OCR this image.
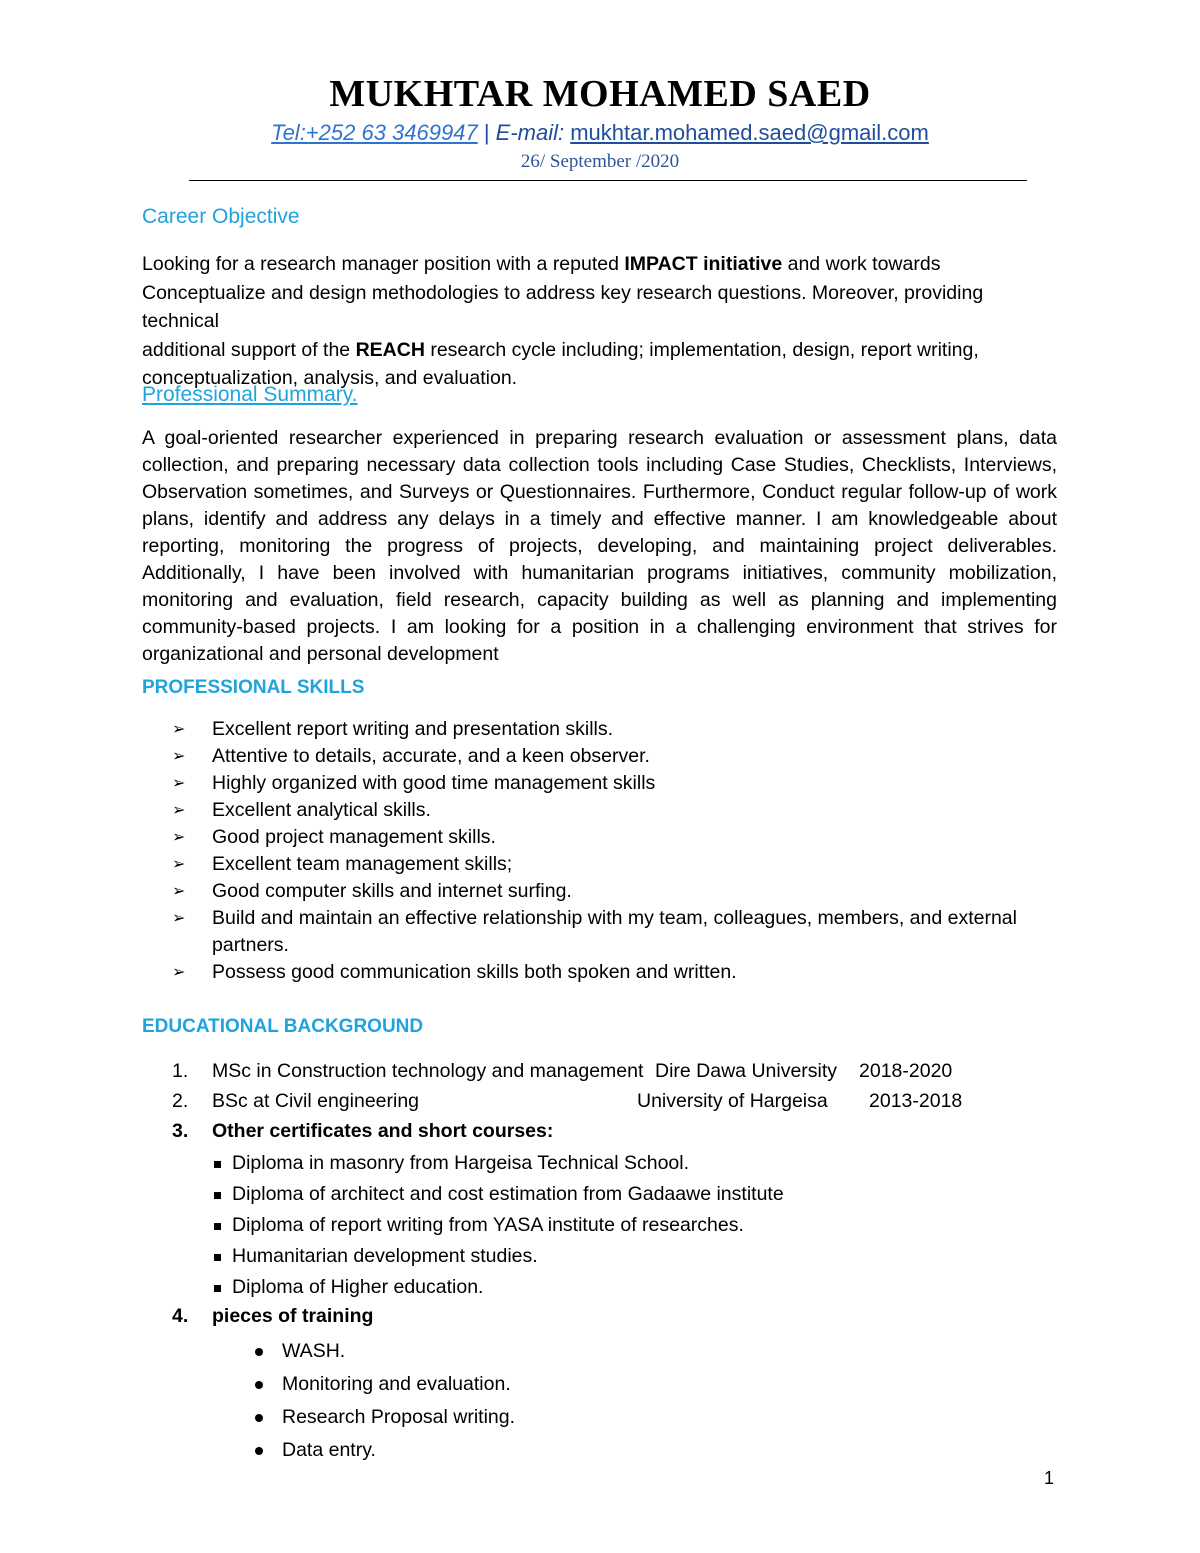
MUKHTAR MOHAMED SAED
Tel:+252 63 3469947 | E-mail: mukhtar.mohamed.saed@gmail.com
26/ September /2020
Career Objective
Looking for a research manager position with a reputed IMPACT initiative and work towards
Conceptualize and design methodologies to address key research questions. Moreover, providing technical
additional support of the REACH research cycle including; implementation, design, report writing,
conceptualization, analysis, and evaluation.
Professional Summary.
A goal-oriented researcher experienced in preparing research evaluation or assessment plans, data collection, and preparing necessary data collection tools including Case Studies, Checklists, Interviews, Observation sometimes, and Surveys or Questionnaires. Furthermore, Conduct regular follow-up of work plans, identify and address any delays in a timely and effective manner. I am knowledgeable about reporting, monitoring the progress of projects, developing, and maintaining project deliverables. Additionally, I have been involved with humanitarian programs initiatives, community mobilization, monitoring and evaluation, field research, capacity building as well as planning and implementing community-based projects. I am looking for a position in a challenging environment that strives for organizational and personal development
PROFESSIONAL SKILLS
➢ Excellent report writing and presentation skills.
➢ Attentive to details, accurate, and a keen observer.
➢ Highly organized with good time management skills
➢ Excellent analytical skills.
➢ Good project management skills.
➢ Excellent team management skills;
➢ Good computer skills and internet surfing.
➢ Build and maintain an effective relationship with my team, colleagues, members, and external partners.
➢ Possess good communication skills both spoken and written.
EDUCATIONAL BACKGROUND
1. MSc in Construction technology and management Dire Dawa University 2018-2020
2. BSc at Civil engineering	University of Hargeisa 2013-2018
3. Other certificates and short courses:
Diploma in masonry from Hargeisa Technical School.
Diploma of architect and cost estimation from Gadaawe institute
Diploma of report writing from YASA institute of researches.
Humanitarian development studies.
Diploma of Higher education.
4. pieces of training
WASH.
Monitoring and evaluation.
Research Proposal writing.
Data entry.
1
